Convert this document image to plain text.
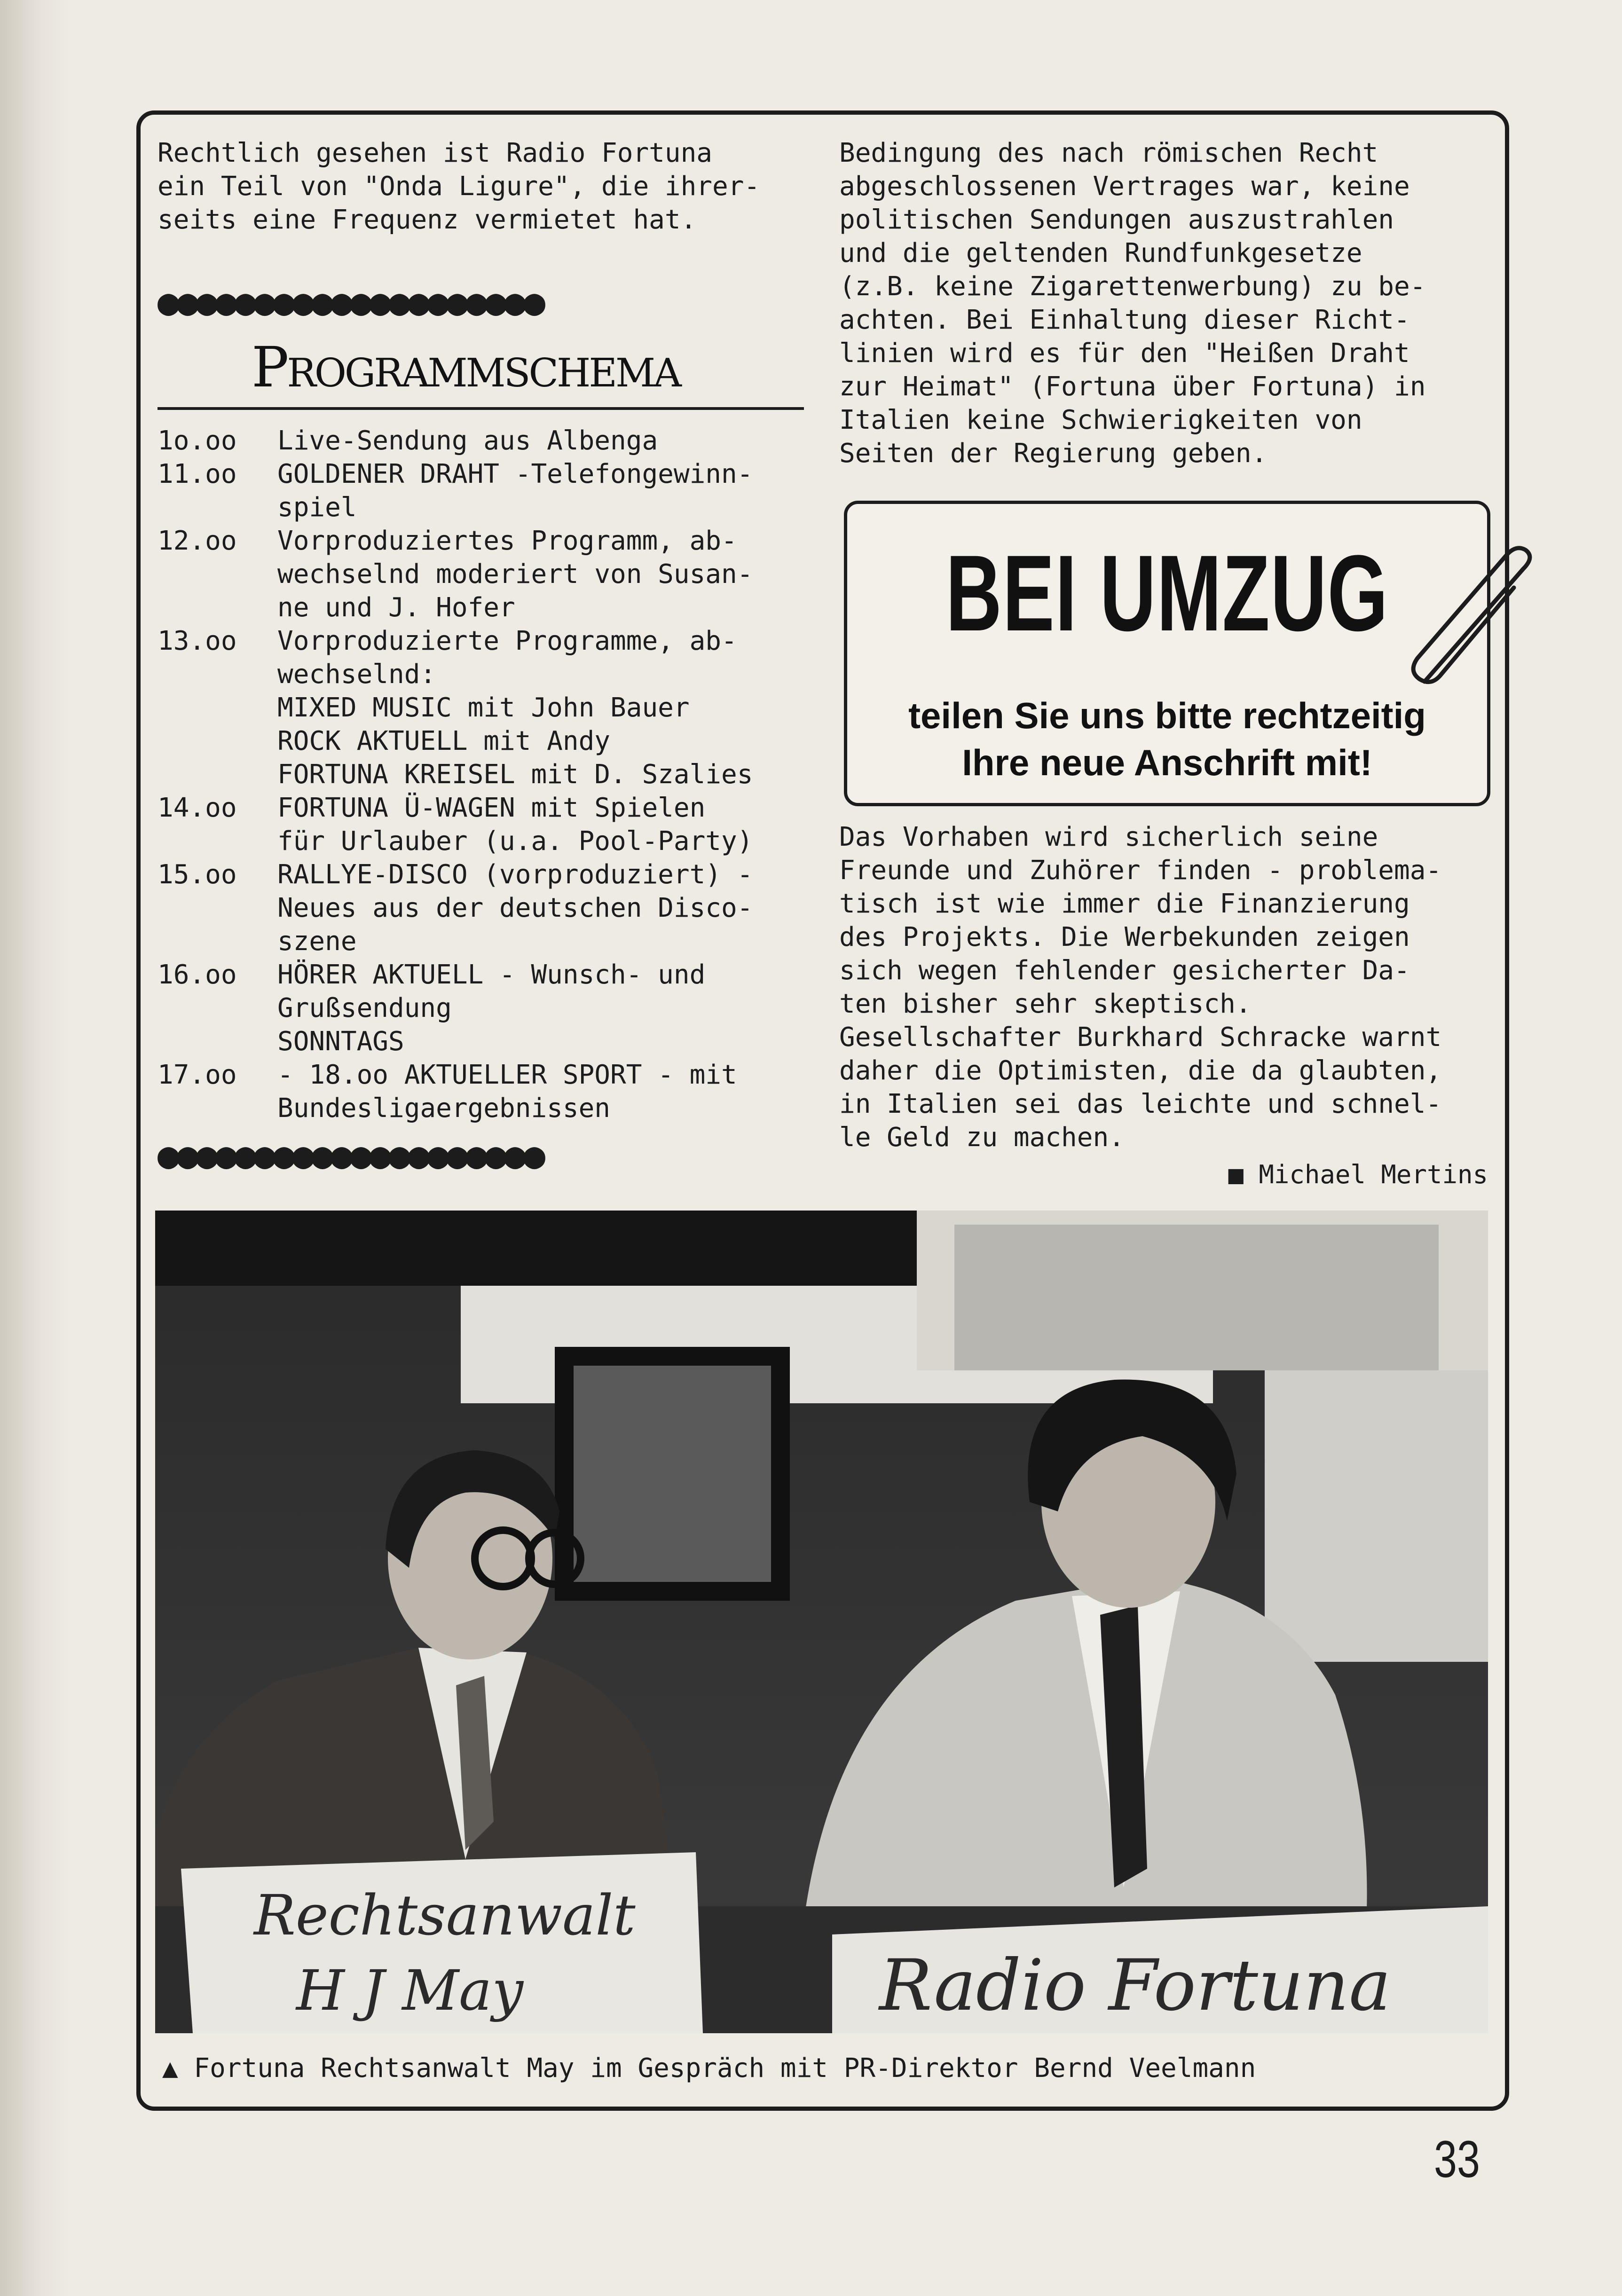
Rechtlich gesehen ist Radio Fortuna

ein Teil von "Onda Ligure", die ihrer-

seits eine Frequenz vermietet hat.

●●●●●●●●●●●●●●●●●●●●
Programmschema
1o.oo	Live-Sendung aus Albenga
11.oo	GOLDENER DRAHT -Telefongewinn-
spiel
12.oo	Vorproduziertes Programm, ab-
wechselnd moderiert von Susan-
ne und J. Hofer
13.oo	Vorproduzierte Programme, ab-
wechselnd:
MIXED MUSIC mit John Bauer
ROCK AKTUELL mit Andy
FORTUNA KREISEL mit D. Szalies
14.oo	FORTUNA Ü-WAGEN mit Spielen
für Urlauber (u.a. Pool-Party)
15.oo	RALLYE-DISCO (vorproduziert) -
Neues aus der deutschen Disco-
szene
16.oo	HÖRER AKTUELL - Wunsch- und
Grußsendung
SONNTAGS
17.oo	- 18.oo AKTUELLER SPORT - mit
Bundesligaergebnissen
●●●●●●●●●●●●●●●●●●●●

Bedingung des nach römischen Recht

abgeschlossenen Vertrages war, keine

politischen Sendungen auszustrahlen

und die geltenden Rundfunkgesetze

(z.B. keine Zigarettenwerbung) zu be-

achten. Bei Einhaltung dieser Richt-

linien wird es für den "Heißen Draht

zur Heimat" (Fortuna über Fortuna) in

Italien keine Schwierigkeiten von

Seiten der Regierung geben.

BEI UMZUG
teilen Sie uns bitte rechtzeitig
Ihre neue Anschrift mit!

Das Vorhaben wird sicherlich seine

Freunde und Zuhörer finden - problema-

tisch ist wie immer die Finanzierung

des Projekts. Die Werbekunden zeigen

sich wegen fehlender gesicherter Da-

ten bisher sehr skeptisch.

Gesellschafter Burkhard Schracke warnt

daher die Optimisten, die da glaubten,

in Italien sei das leichte und schnel-

le Geld zu machen.

■ Michael Mertins
Rechtsanwalt
H J May	Radio Fortuna
▲ Fortuna Rechtsanwalt May im Gespräch mit PR-Direktor Bernd Veelmann
33
